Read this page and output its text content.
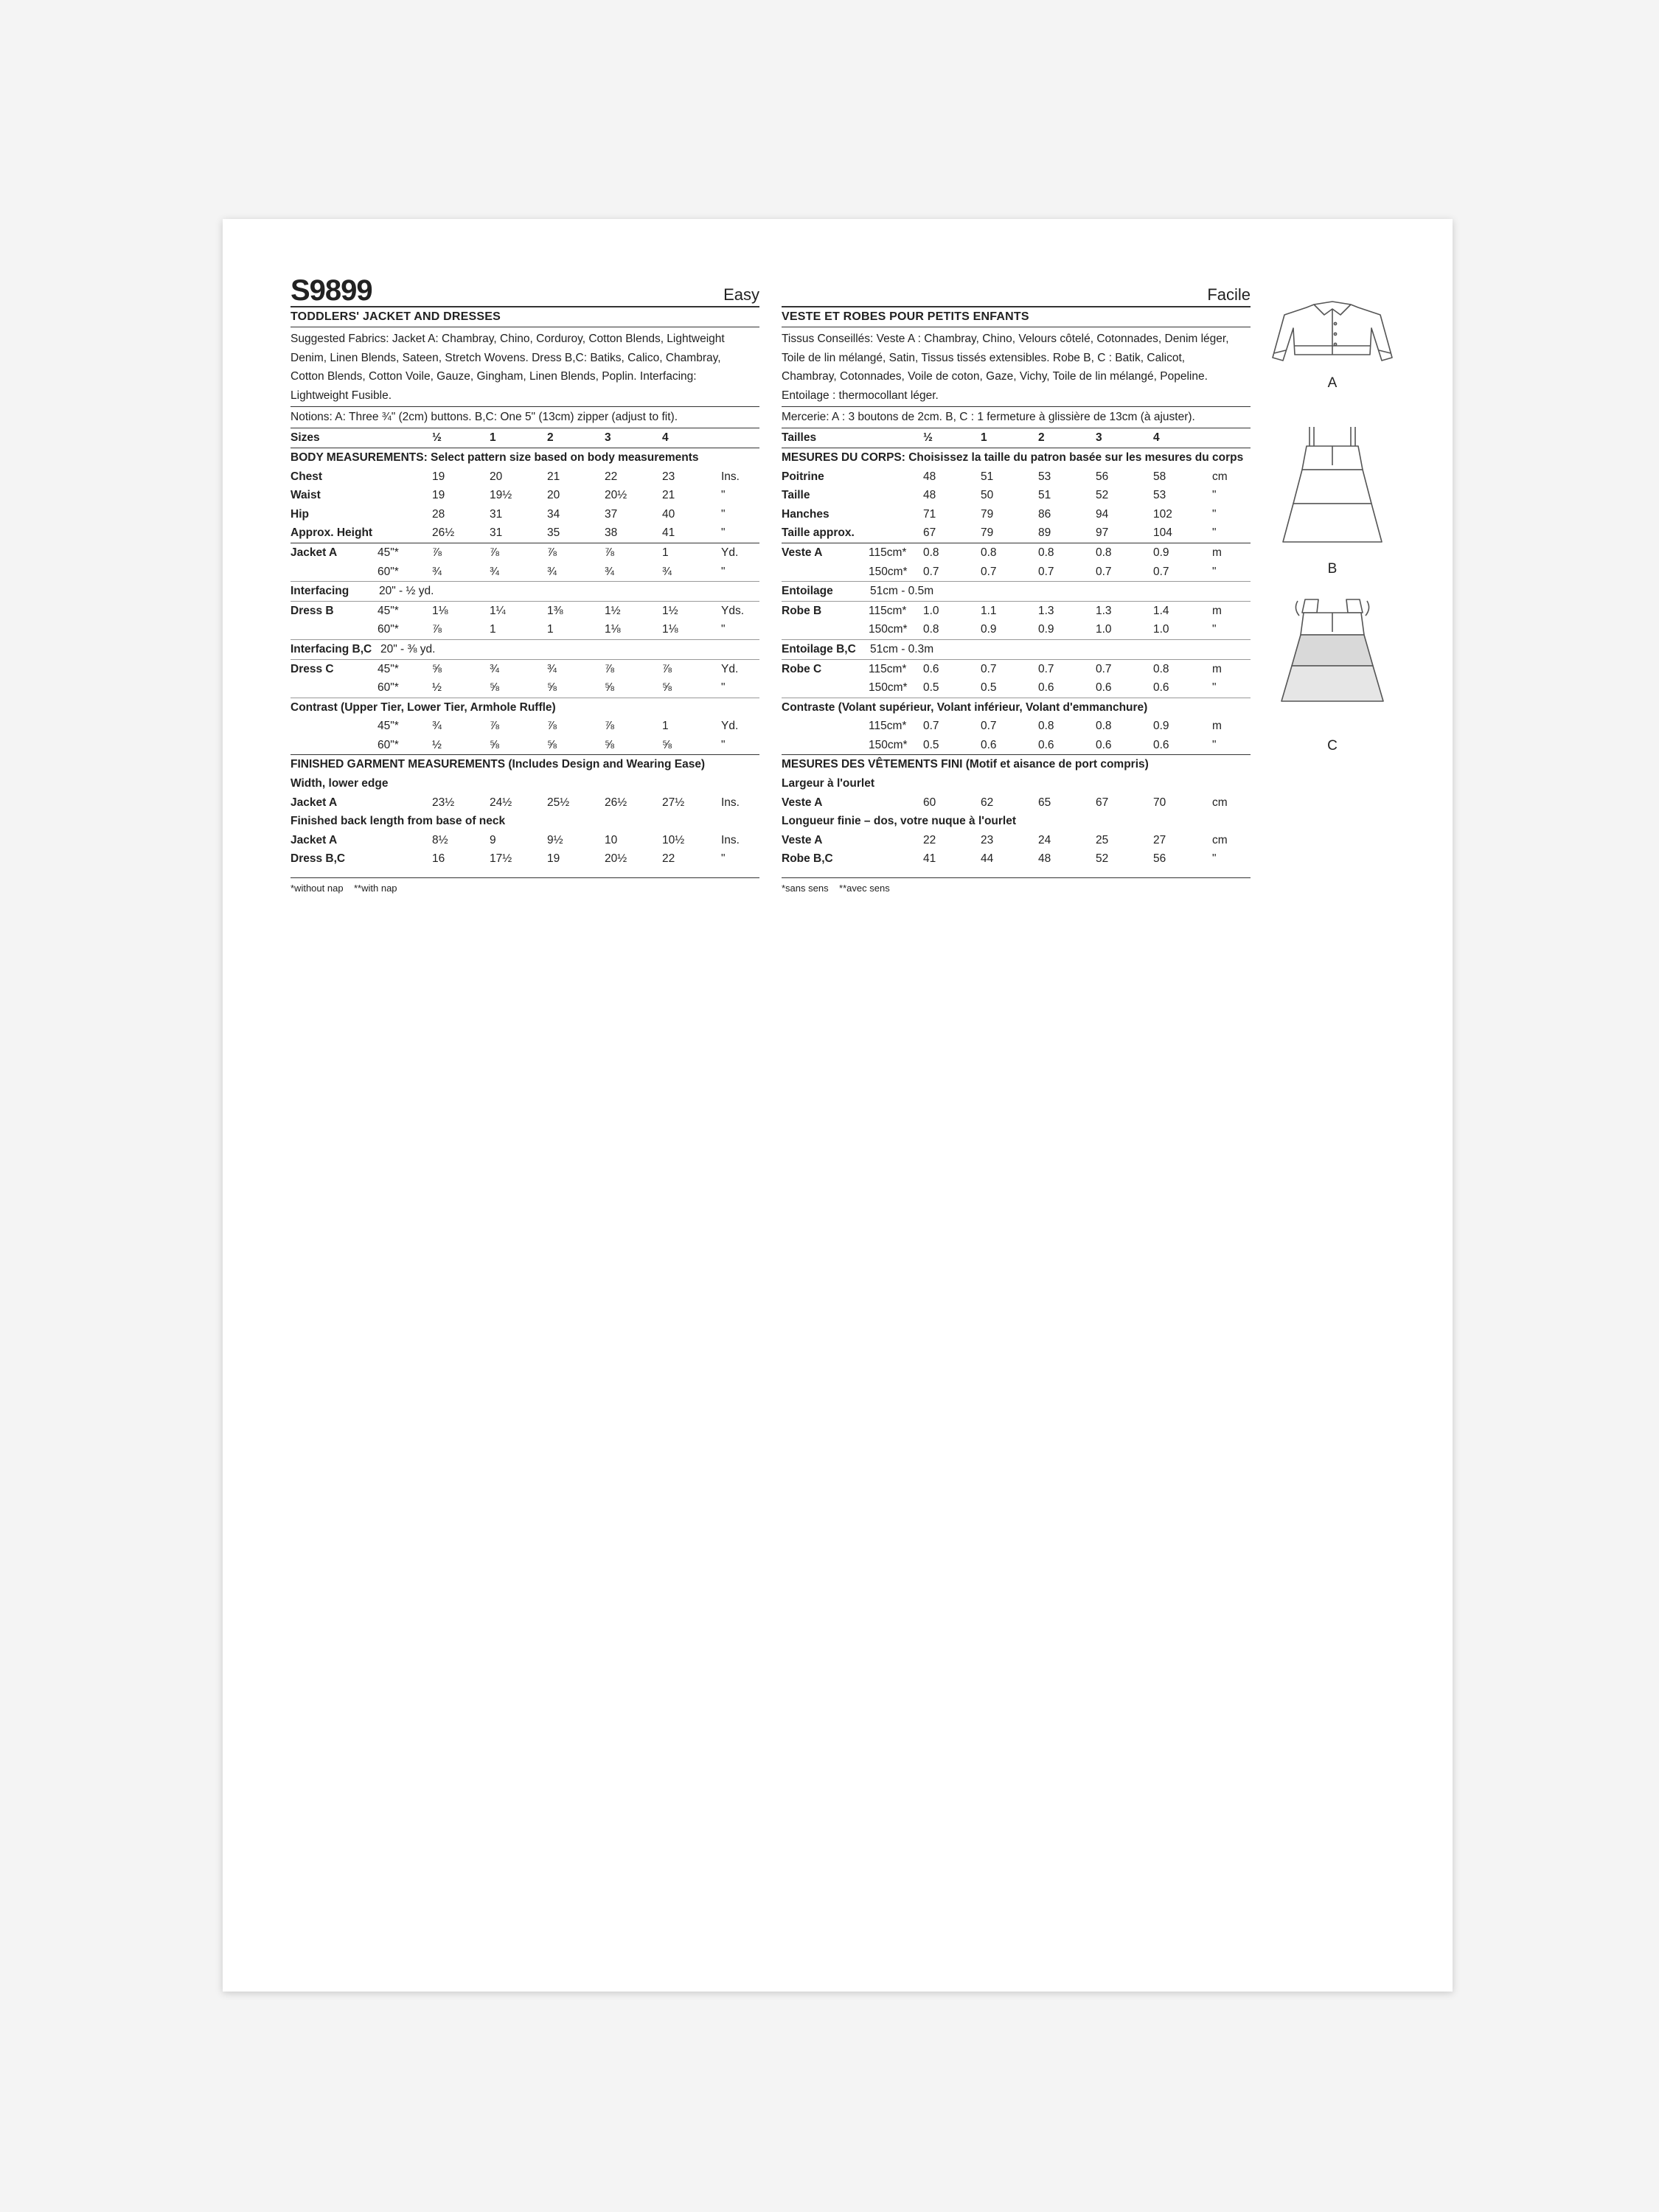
S9899	Easy
TODDLERS' JACKET AND DRESSES
Suggested Fabrics: Jacket A: Chambray, Chino, Corduroy, Cotton Blends, Lightweight
Denim, Linen Blends, Sateen, Stretch Wovens. Dress B,C: Batiks, Calico, Chambray,
Cotton Blends, Cotton Voile, Gauze, Gingham, Linen Blends, Poplin. Interfacing:
Lightweight Fusible.
Notions: A: Three ¾" (2cm) buttons. B,C: One 5" (13cm) zipper (adjust to fit).
Sizes	½	1	2	3	4
BODY MEASUREMENTS: Select pattern size based on body measurements
Chest	19	20	21	22	23	Ins.
Waist	19	19½	20	20½	21	"
Hip	28	31	34	37	40	"
Approx. Height	26½	31	35	38	41	"
Jacket A	45"*	⅞	⅞	⅞	⅞	1	Yd.
60"*	¾	¾	¾	¾	¾	"
Interfacing	20" - ½ yd.
Dress B	45"*	1⅛	1¼	1⅜	1½	1½	Yds.
60"*	⅞	1	1	1⅛	1⅛	"
Interfacing B,C 20" - ⅜ yd.
Dress C	45"*	⅝	¾	¾	⅞	⅞	Yd.
60"*	½	⅝	⅝	⅝	⅝	"
Contrast (Upper Tier, Lower Tier, Armhole Ruffle)
45"*	¾	⅞	⅞	⅞	1	Yd.
60"*	½	⅝	⅝	⅝	⅝	"
FINISHED GARMENT MEASUREMENTS (Includes Design and Wearing Ease)
Width, lower edge
Jacket A	23½	24½	25½	26½	27½	Ins.
Finished back length from base of neck
Jacket A	8½	9	9½	10	10½	Ins.
Dress B,C	16	17½	19	20½	22	"
*without nap    **with nap
Facile
VESTE ET ROBES POUR PETITS ENFANTS
Tissus Conseillés: Veste A : Chambray, Chino, Velours côtelé, Cotonnades, Denim léger,
Toile de lin mélangé, Satin, Tissus tissés extensibles. Robe B, C : Batik, Calicot,
Chambray, Cotonnades, Voile de coton, Gaze, Vichy, Toile de lin mélangé, Popeline.
Entoilage : thermocollant léger.
Mercerie: A : 3 boutons de 2cm. B, C : 1 fermeture à glissière de 13cm (à ajuster).
Tailles	½	1	2	3	4
MESURES DU CORPS: Choisissez la taille du patron basée sur les mesures du corps
Poitrine	48	51	53	56	58	cm
Taille	48	50	51	52	53	"
Hanches	71	79	86	94	102	"
Taille approx.	67	79	89	97	104	"
Veste A	115cm* 0.8	0.8	0.8	0.8	0.9	m
150cm* 0.7	0.7	0.7	0.7	0.7	"
Entoilage	51cm - 0.5m
Robe B	115cm* 1.0	1.1	1.3	1.3	1.4	m
150cm* 0.8	0.9	0.9	1.0	1.0	"
Entoilage B,C 51cm - 0.3m
Robe C	115cm* 0.6	0.7	0.7	0.7	0.8	m
150cm* 0.5	0.5	0.6	0.6	0.6	"
Contraste (Volant supérieur, Volant inférieur, Volant d'emmanchure)
115cm* 0.7	0.7	0.8	0.8	0.9	m
150cm* 0.5	0.6	0.6	0.6	0.6	"
MESURES DES VÊTEMENTS FINI (Motif et aisance de port compris)
Largeur à l'ourlet
Veste A	60	62	65	67	70	cm
Longueur finie – dos, votre nuque à l'ourlet
Veste A	22	23	24	25	27	cm
Robe B,C	41	44	48	52	56	"
*sans sens    **avec sens
A
B
C
